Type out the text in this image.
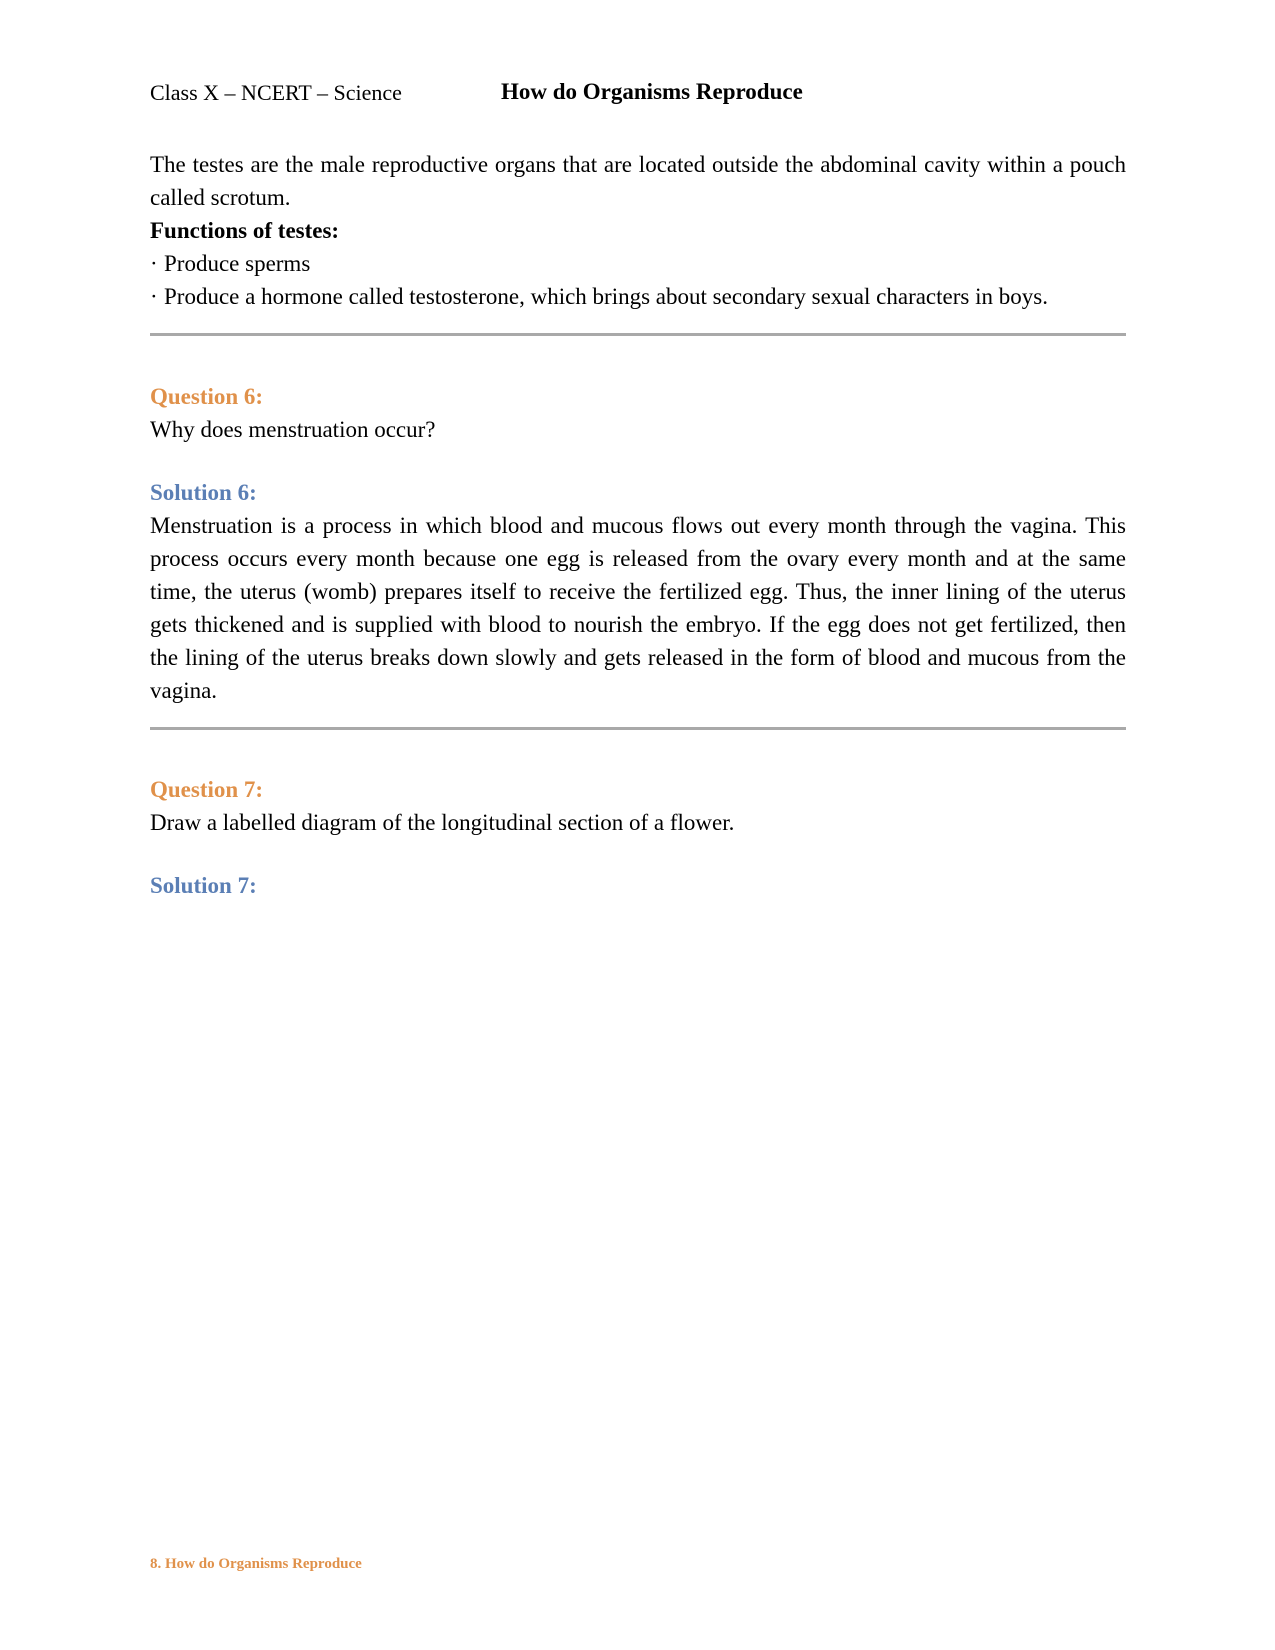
Class X – NCERT – Science	How do Organisms Reproduce

The testes are the male reproductive organs that are located outside the abdominal cavity within a pouch called scrotum.

Functions of testes:

· Produce sperms
· Produce a hormone called testosterone, which brings about secondary sexual characters in boys.
Question 6:

Why does menstruation occur?

Solution 6:

Menstruation is a process in which blood and mucous flows out every month through the vagina. This process occurs every month because one egg is released from the ovary every month and at the same time, the uterus (womb) prepares itself to receive the fertilized egg. Thus, the inner lining of the uterus gets thickened and is supplied with blood to nourish the embryo. If the egg does not get fertilized, then the lining of the uterus breaks down slowly and gets released in the form of blood and mucous from the vagina.

Question 7:

Draw a labelled diagram of the longitudinal section of a flower.

Solution 7:
8. How do Organisms Reproduce
